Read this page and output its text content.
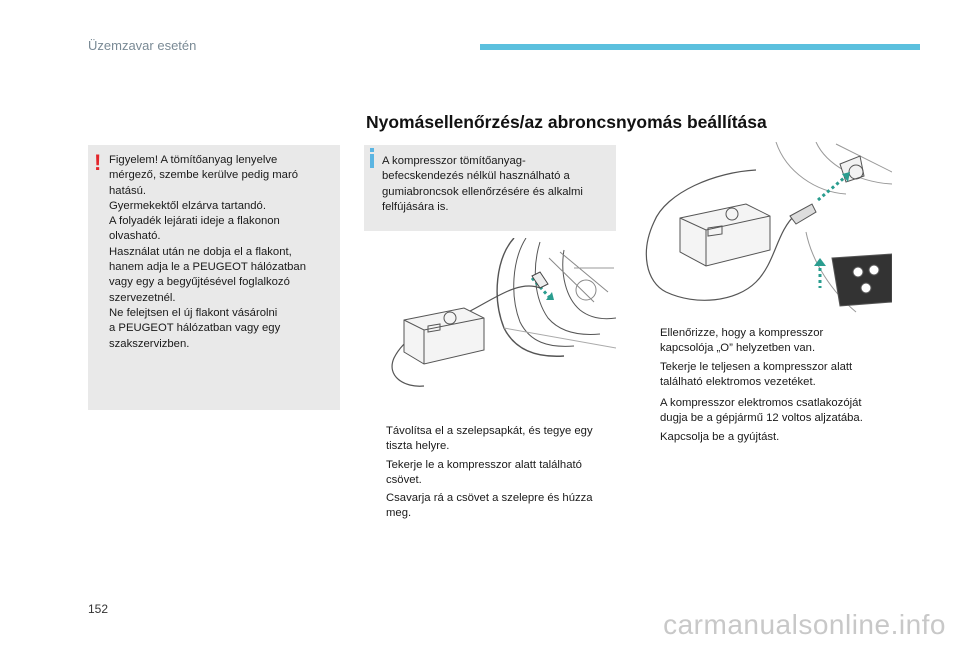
Üzemzavar esetén
Nyomásellenőrzés/az abroncsnyomás beállítása
! Figyelem! A tömítőanyag lenyelve
mérgező, szembe kerülve pedig maró
hatású.
Gyermekektől elzárva tartandó.
A folyadék lejárati ideje a flakonon
olvasható.
Használat után ne dobja el a flakont,
hanem adja le a PEUGEOT hálózatban
vagy egy a begyűjtésével foglalkozó
szervezetnél.
Ne felejtsen el új flakont vásárolni
a PEUGEOT hálózatban vagy egy
szakszervizben.
A kompresszor tömítőanyag-
befecskendezés nélkül használható a
gumiabroncsok ellenőrzésére és alkalmi
felfújására is.
Távolítsa el a szelepsapkát, és tegye egy
tiszta helyre.
Tekerje le a kompresszor alatt található
csövet.
Csavarja rá a csövet a szelepre és húzza
meg.
Ellenőrizze, hogy a kompresszor
kapcsolója „O” helyzetben van.
Tekerje le teljesen a kompresszor alatt
található elektromos vezetéket.
A kompresszor elektromos csatlakozóját
dugja be a gépjármű 12 voltos aljzatába.
Kapcsolja be a gyújtást.
152	carmanualsonline.info
